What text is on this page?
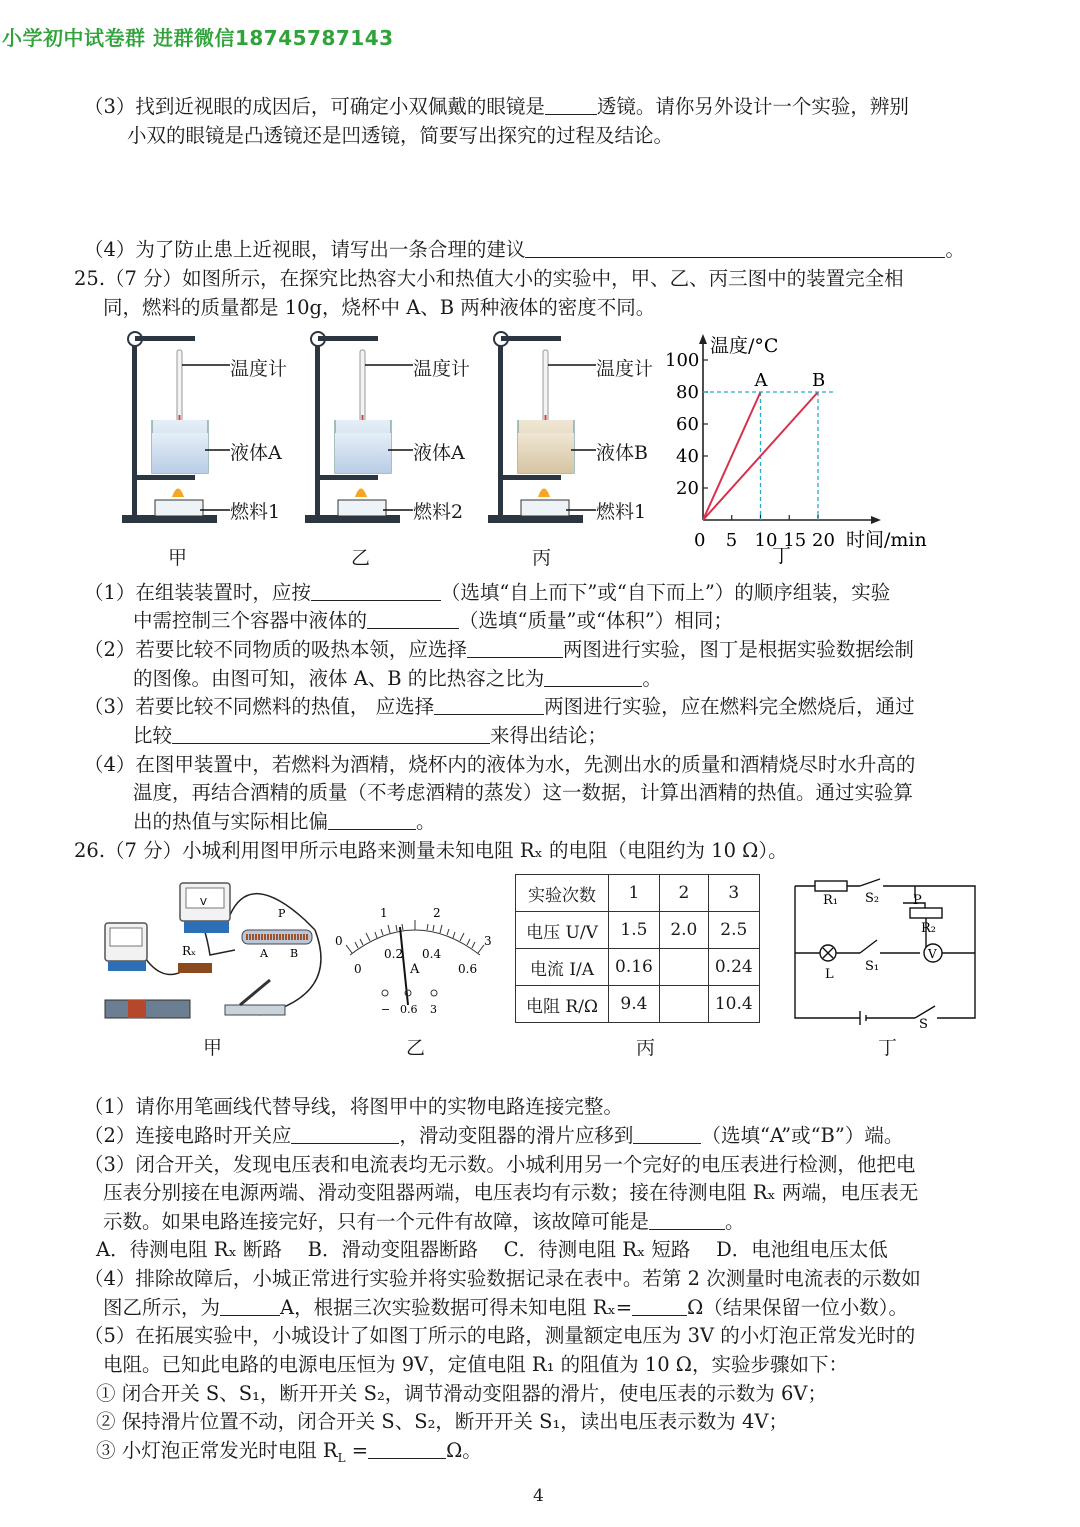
小学初中试卷群 进群微信18745787143
（3）找到近视眼的成因后，可确定小双佩戴的眼镜是	透镜。请你另外设计一个实验，辨别
小双的眼镜是凸透镜还是凹透镜，简要写出探究的过程及结论。
（4）为了防止患上近视眼，请写出一条合理的建议	。
25.（7 分）如图所示，在探究比热容大小和热值大小的实验中，甲、乙、丙三图中的装置完全相
同，燃料的质量都是 10g，烧杯中 A、B 两种液体的密度不同。
温度计
液体A
燃料1
温度计
液体A
燃料2
温度计
液体B
燃料1
甲	乙	丙
温度/°C
时间/min
丁
0 5 10 15 20
20
40
60
80
100
A B
（1）在组装装置时，应按	（选填“自上而下”或“自下而上”）的顺序组装，实验
中需控制三个容器中液体的	（选填“质量”或“体积”）相同；
（2）若要比较不同物质的吸热本领，应选择	两图进行实验，图丁是根据实验数据绘制
的图像。由图可知，液体 A、B 的比热容之比为	。
（3）若要比较不同燃料的热值， 应选择	两图进行实验，应在燃料完全燃烧后，通过
比较	来得出结论；
（4）在图甲装置中，若燃料为酒精，烧杯内的液体为水，先测出水的质量和酒精烧尽时水升高的
温度，再结合酒精的质量（不考虑酒精的蒸发）这一数据，计算出酒精的热值。通过实验算
出的热值与实际相比偏	。
26.（7 分）小城利用图甲所示电路来测量未知电阻 Rₓ 的电阻（电阻约为 10 Ω）。
V
Rₓ
P
A B
甲
0
1	2
3
0
0.2 0.4
0.6
A
− 0.6 3
乙
实验次数	1	2	3
电压 U/V	1.5	2.0	2.5
电流 I/A	0.16		0.24
电阻 R/Ω	9.4		10.4
丙
R₁ S₂	P
R₂
L
S₁
V
S
丁
（1）请你用笔画线代替导线，将图甲中的实物电路连接完整。
（2）连接电路时开关应	，滑动变阻器的滑片应移到	（选填“A”或“B”）端。
（3）闭合开关，发现电压表和电流表均无示数。小城利用另一个完好的电压表进行检测，他把电
压表分别接在电源两端、滑动变阻器两端，电压表均有示数；接在待测电阻 Rₓ 两端，电压表无
示数。如果电路连接完好，只有一个元件有故障，该故障可能是	。
A．待测电阻 Rₓ 断路　 B．滑动变阻器断路　 C．待测电阻 Rₓ 短路　 D．电池组电压太低
（4）排除故障后，小城正常进行实验并将实验数据记录在表中。若第 2 次测量时电流表的示数如
图乙所示，为	A，根据三次实验数据可得未知电阻 Rₓ=	Ω（结果保留一位小数）。
（5）在拓展实验中，小城设计了如图丁所示的电路，测量额定电压为 3V 的小灯泡正常发光时的
电阻。已知此电路的电源电压恒为 9V，定值电阻 R₁ 的阻值为 10 Ω，实验步骤如下：
① 闭合开关 S、S₁，断开开关 S₂，调节滑动变阻器的滑片，使电压表的示数为 6V；
② 保持滑片位置不动，闭合开关 S、S₂，断开开关 S₁，读出电压表示数为 4V；
③ 小灯泡正常发光时电阻 $R_L$ =	Ω。
4
